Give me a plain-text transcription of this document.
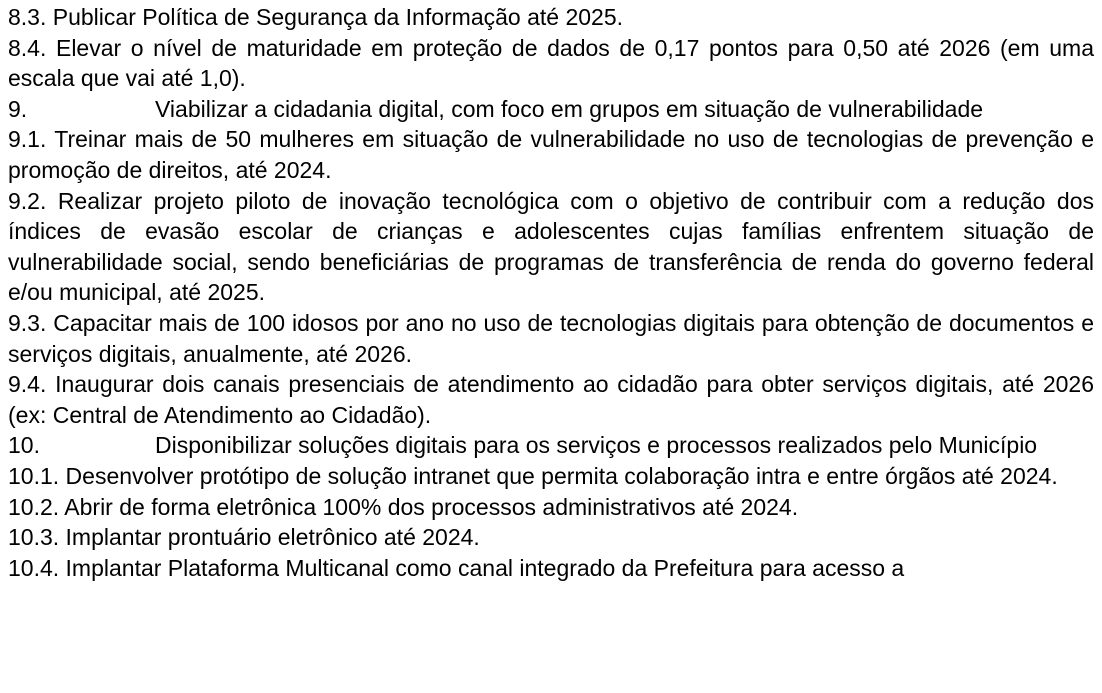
8.3. Publicar Política de Segurança da Informação até 2025.

8.4. Elevar o nível de maturidade em proteção de dados de 0,17 pontos para 0,50 até 2026 (em uma escala que vai até 1,0).

9.	Viabilizar a cidadania digital, com foco em grupos em situação de vulnerabilidade

9.1. Treinar mais de 50 mulheres em situação de vulnerabilidade no uso de tecnologias de prevenção e promoção de direitos, até 2024.

9.2. Realizar projeto piloto de inovação tecnológica com o objetivo de contribuir com a redução dos índices de evasão escolar de crianças e adolescentes cujas famílias enfrentem situação de vulnerabilidade social, sendo beneficiárias de programas de transferência de renda do governo federal e/ou municipal, até 2025.

9.3. Capacitar mais de 100 idosos por ano no uso de tecnologias digitais para obtenção de documentos e serviços digitais, anualmente, até 2026.

9.4. Inaugurar dois canais presenciais de atendimento ao cidadão para obter serviços digitais, até 2026 (ex: Central de Atendimento ao Cidadão).

10.	Disponibilizar soluções digitais para os serviços e processos realizados pelo Município

10.1. Desenvolver protótipo de solução intranet que permita colaboração intra e entre órgãos até 2024.

10.2. Abrir de forma eletrônica 100% dos processos administrativos até 2024.

10.3. Implantar prontuário eletrônico até 2024.

10.4. Implantar Plataforma Multicanal como canal integrado da Prefeitura para acesso a
